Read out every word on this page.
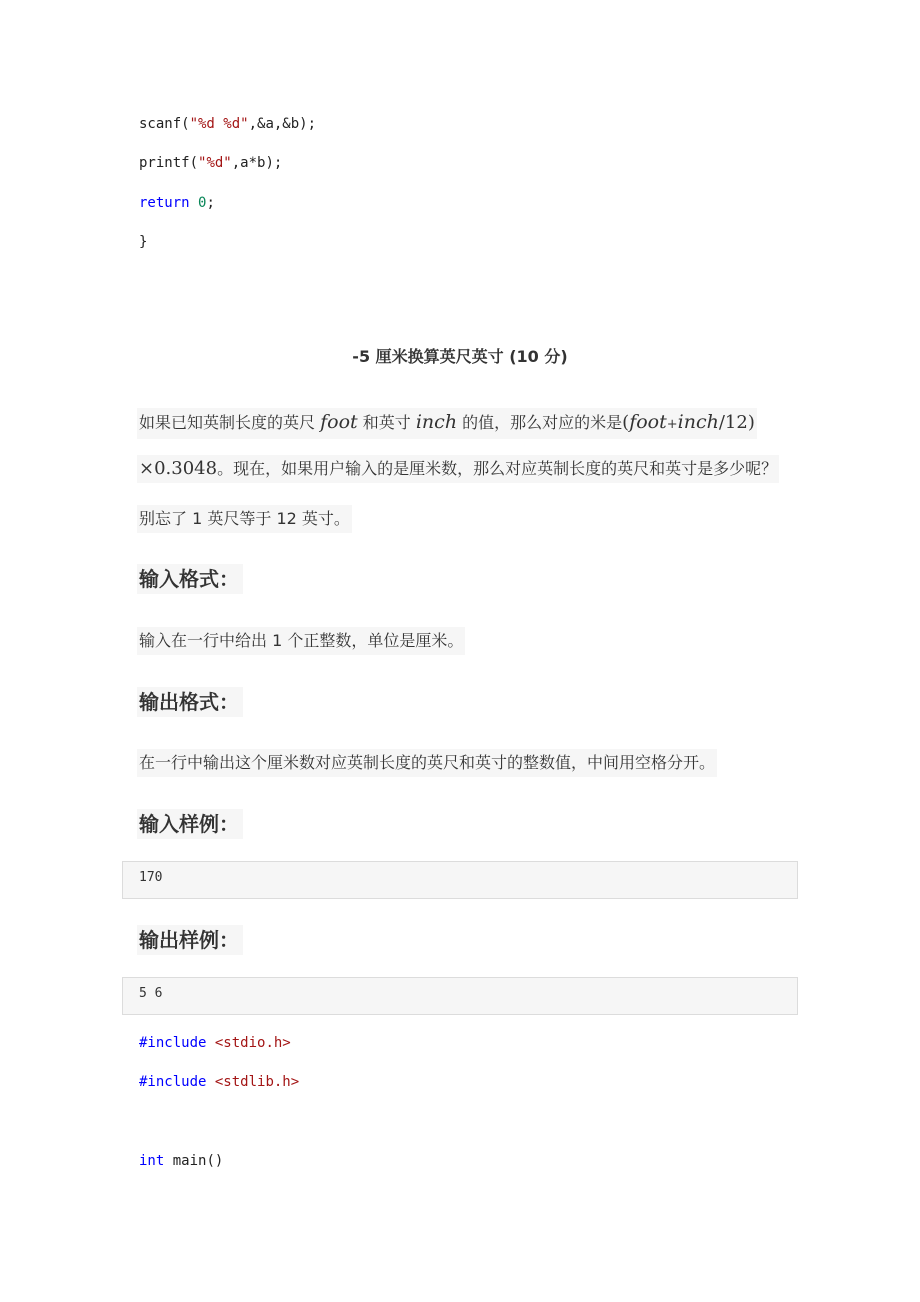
scanf("%d %d",&a,&b);
printf("%d",a*b);
return 0;
}
-5 厘米换算英尺英寸 (10 分)
如果已知英制长度的英尺 foot 和英寸 inch 的值，那么对应的米是(foot+inch/12)
×0.3048。现在，如果用户输入的是厘米数，那么对应英制长度的英尺和英寸是多少呢？
别忘了 1 英尺等于 12 英寸。
输入格式：
输入在一行中给出 1 个正整数，单位是厘米。
输出格式：
在一行中输出这个厘米数对应英制长度的英尺和英寸的整数值，中间用空格分开。
输入样例：
170
输出样例：
5 6
#include <stdio.h>
#include <stdlib.h>
int main()
